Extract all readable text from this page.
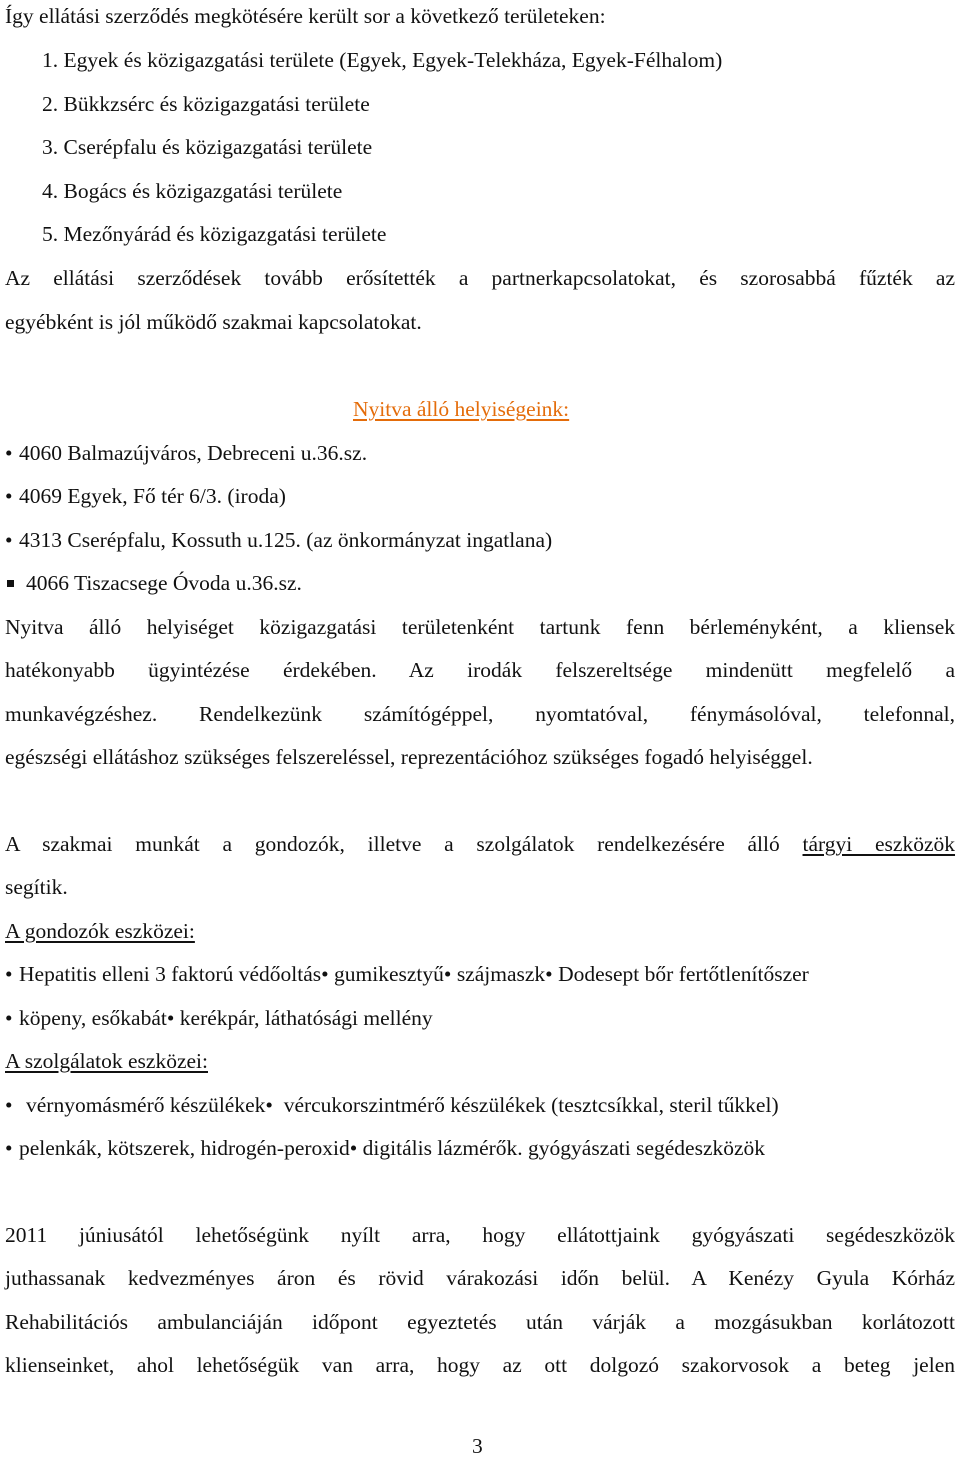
Így ellátási szerződés megkötésére került sor a következő területeken:
1. Egyek és közigazgatási területe (Egyek, Egyek-Telekháza, Egyek-Félhalom)
2. Bükkzsérc és közigazgatási területe
3. Cserépfalu és közigazgatási területe
4. Bogács és közigazgatási területe
5. Mezőnyárád és közigazgatási területe
Az ellátási szerződések tovább erősítették a partnerkapcsolatokat, és szorosabbá fűzték az
egyébként is jól működő szakmai kapcsolatokat.
Nyitva álló helyiségeink:
• 4060 Balmazújváros, Debreceni u.36.sz.
• 4069 Egyek, Fő tér 6/3. (iroda)
• 4313 Cserépfalu, Kossuth u.125. (az önkormányzat ingatlana)
4066 Tiszacsege Óvoda u.36.sz.
Nyitva álló helyiséget közigazgatási területenként tartunk fenn bérleményként, a kliensek
hatékonyabb ügyintézése érdekében. Az irodák felszereltsége mindenütt megfelelő a
munkavégzéshez. Rendelkezünk számítógéppel, nyomtatóval, fénymásolóval, telefonnal,
egészségi ellátáshoz szükséges felszereléssel, reprezentációhoz szükséges fogadó helyiséggel.
A szakmai munkát a gondozók, illetve a szolgálatok rendelkezésére álló tárgyi eszközök
segítik.
A gondozók eszközei:
• Hepatitis elleni 3 faktorú védőoltás• gumikesztyű• szájmaszk• Dodesept bőr fertőtlenítőszer
• köpeny, esőkabát• kerékpár, láthatósági mellény
A szolgálatok eszközei:
• vérnyomásmérő készülékek•  vércukorszintmérő készülékek (tesztcsíkkal, steril tűkkel)
• pelenkák, kötszerek, hidrogén-peroxid• digitális lázmérők. gyógyászati segédeszközök
2011 júniusától lehetőségünk nyílt arra, hogy ellátottjaink gyógyászati segédeszközök
juthassanak kedvezményes áron és rövid várakozási időn belül. A Kenézy Gyula Kórház
Rehabilitációs ambulanciáján időpont egyeztetés után várják a mozgásukban korlátozott
klienseinket, ahol lehetőségük van arra, hogy az ott dolgozó szakorvosok a beteg jelen
3
